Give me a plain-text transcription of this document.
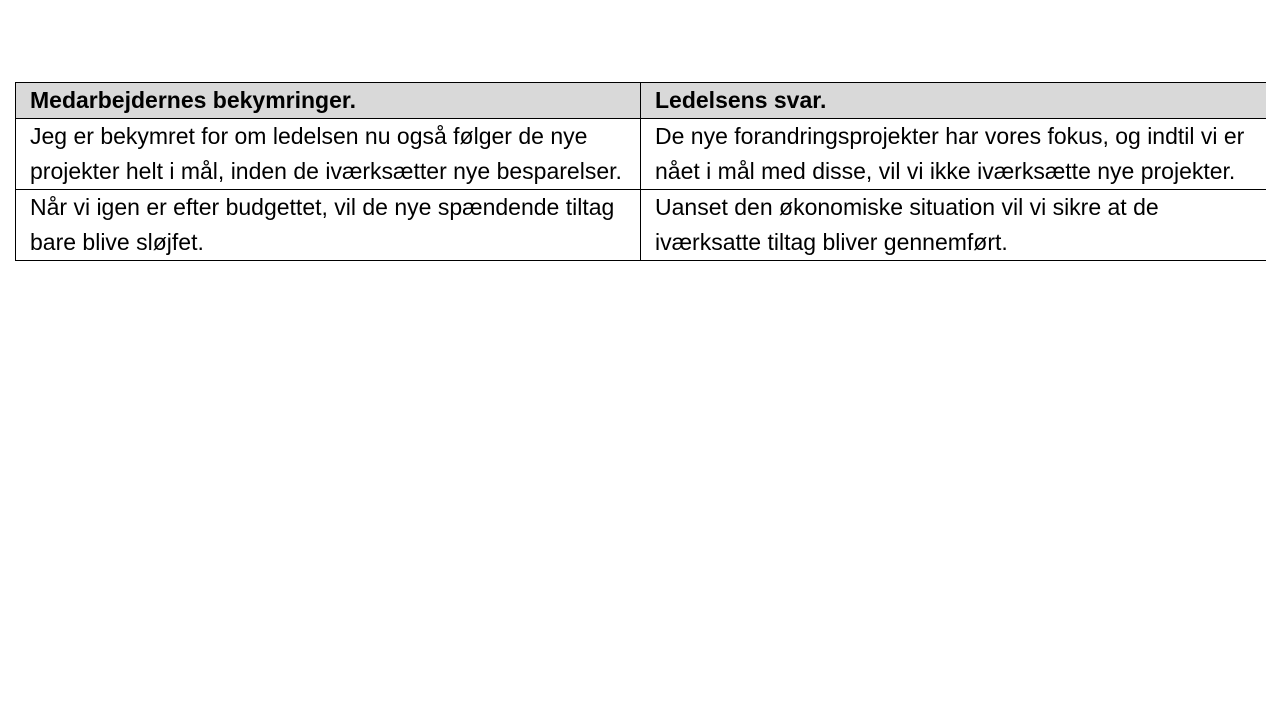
Medarbejdernes bekymringer.	Ledelsens svar.
Jeg er bekymret for om ledelsen nu også følger de nye projekter helt i mål, inden de iværksætter nye besparelser.	De nye forandringsprojekter har vores fokus, og indtil vi er nået i mål med disse, vil vi ikke iværksætte nye projekter.
Når vi igen er efter budgettet, vil de nye spændende tiltag bare blive sløjfet.	Uanset den økonomiske situation vil vi sikre at de iværksatte tiltag bliver gennemført.
